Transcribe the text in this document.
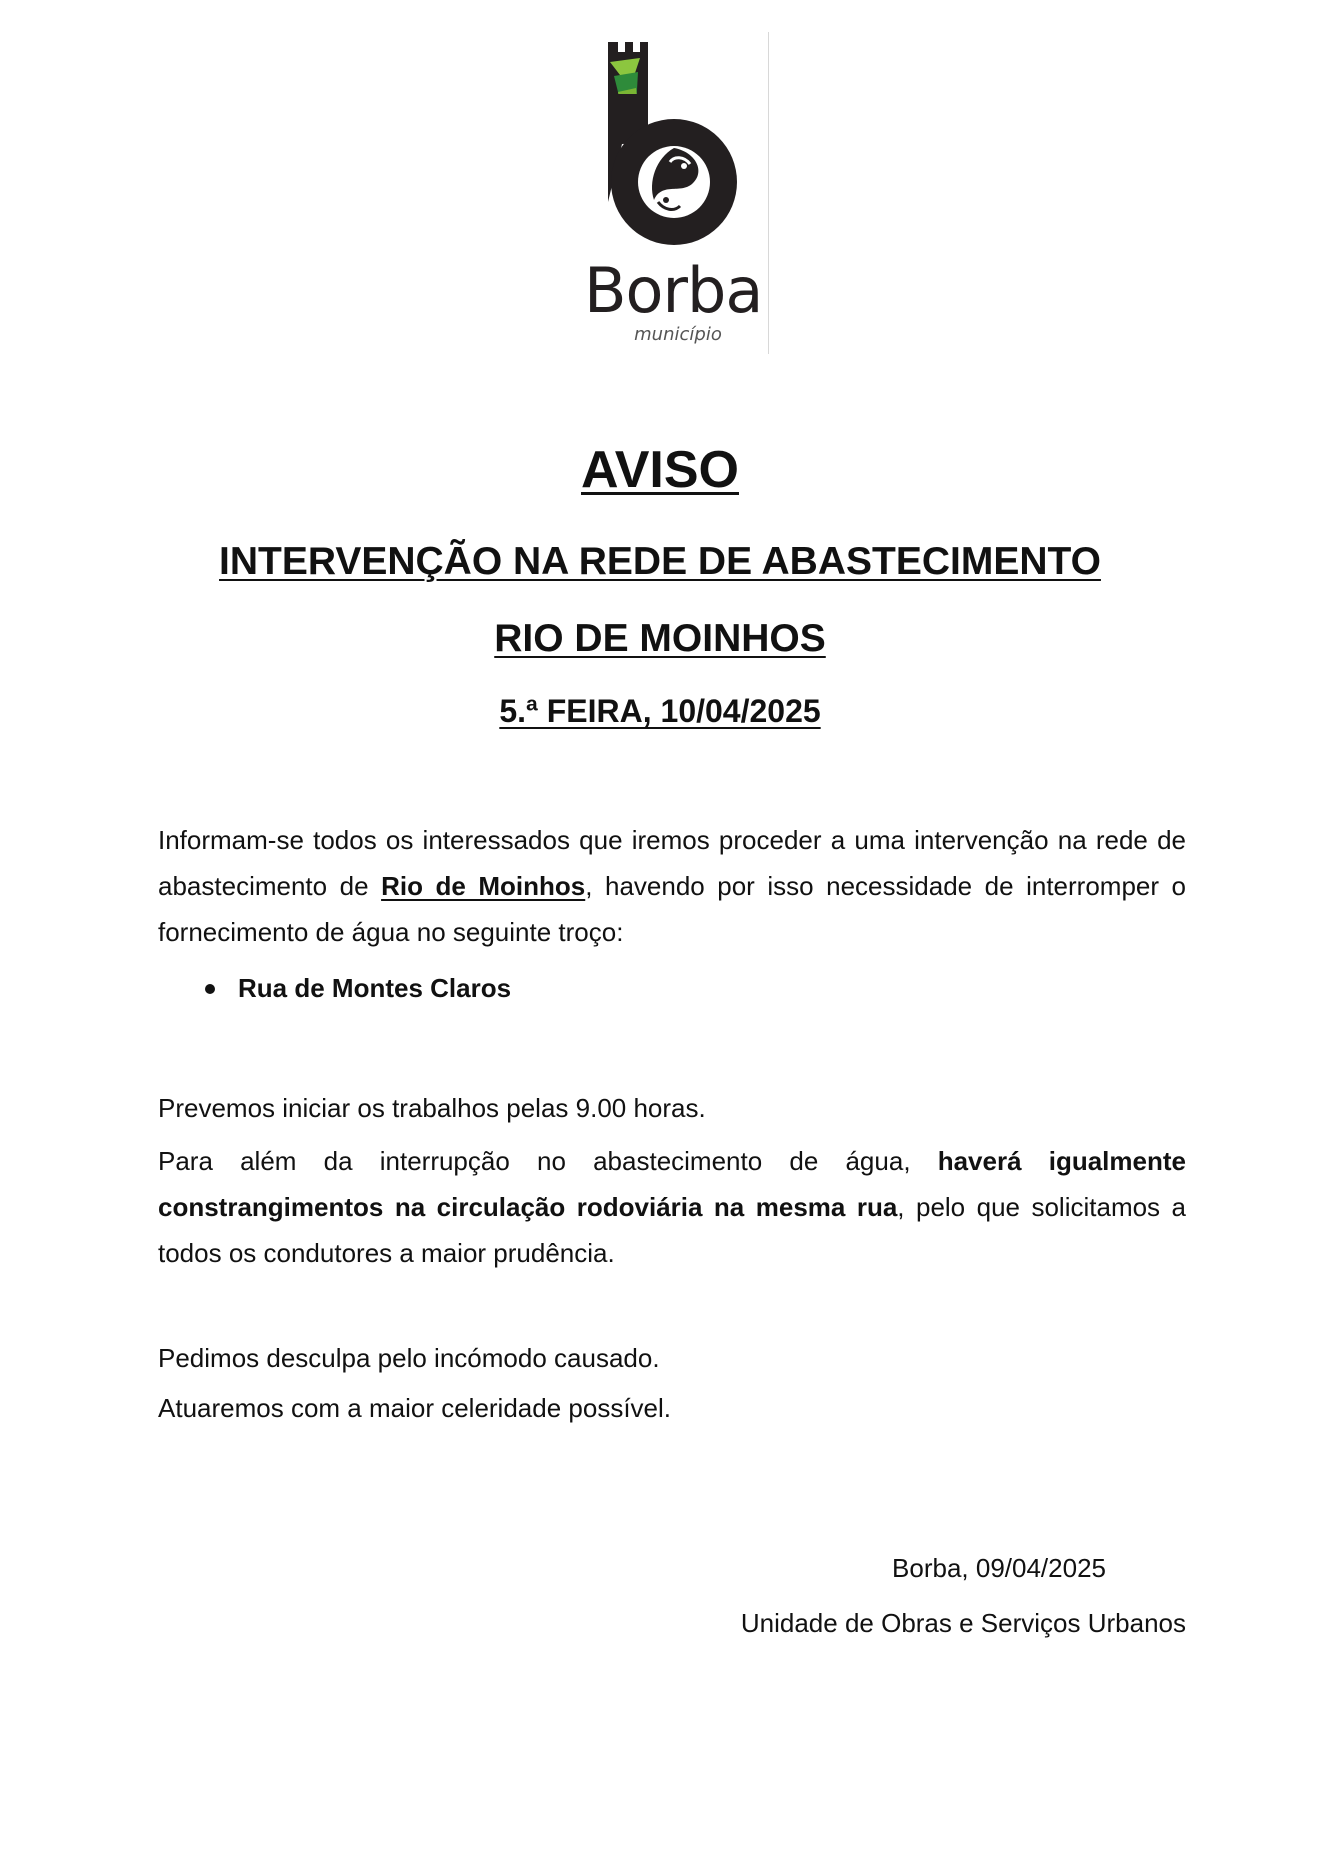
Borba
município
AVISO
INTERVENÇÃO NA REDE DE ABASTECIMENTO
RIO DE MOINHOS
5.ª FEIRA, 10/04/2025

Informam-se todos os interessados que iremos proceder a uma intervenção na rede de abastecimento de Rio de Moinhos, havendo por isso necessidade de interromper o fornecimento de água no seguinte troço:

Rua de Montes Claros

Prevemos iniciar os trabalhos pelas 9.00 horas.

Para além da interrupção no abastecimento de água, haverá igualmente constrangimentos na circulação rodoviária na mesma rua, pelo que solicitamos a todos os condutores a maior prudência.

Pedimos desculpa pelo incómodo causado.

Atuaremos com a maior celeridade possível.

Borba, 09/04/2025
Unidade de Obras e Serviços Urbanos
